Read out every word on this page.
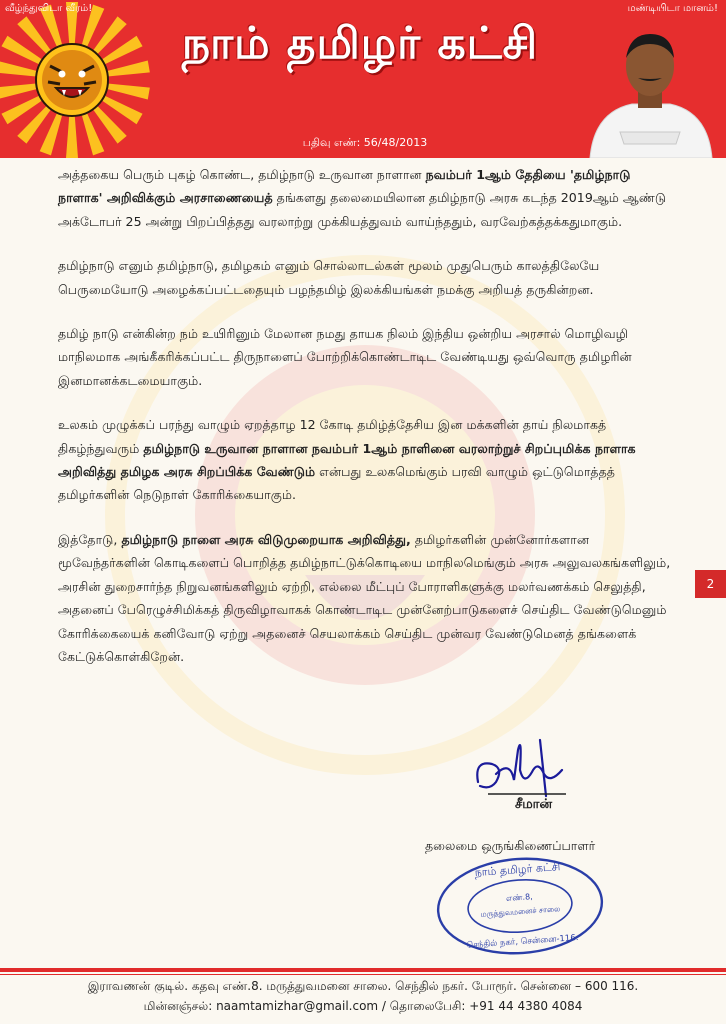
வீழ்ந்துவிடா வீரம்!	மண்டியிடா மானம்!
நாம் தமிழர் கட்சி
பதிவு எண்: 56/48/2013

அத்தகைய பெரும் புகழ் கொண்ட, தமிழ்நாடு உருவான நாளான நவம்பர் 1ஆம் தேதியை 'தமிழ்நாடு நாளாக' அறிவிக்கும் அரசாணையைத் தங்களது தலைமையிலான தமிழ்நாடு அரசு கடந்த 2019ஆம் ஆண்டு அக்டோபர் 25 அன்று பிறப்பித்தது வரலாற்று முக்கியத்துவம் வாய்ந்ததும், வரவேற்கத்தக்கதுமாகும்.

தமிழ்நாடு எனும் தமிழ்நாடு, தமிழகம் எனும் சொல்லாடல்கள் மூலம் முதுபெரும் காலத்திலேயே பெருமையோடு அழைக்கப்பட்டதையும் பழந்தமிழ் இலக்கியங்கள் நமக்கு அறியத் தருகின்றன.

தமிழ் நாடு என்கின்ற நம் உயிரினும் மேலான நமது தாயக நிலம் இந்திய ஒன்றிய அரசால் மொழிவழி மாநிலமாக அங்கீகரிக்கப்பட்ட திருநாளைப் போற்றிக்கொண்டாடிட வேண்டியது ஒவ்வொரு தமிழரின் இனமானக்கடமையாகும்.

உலகம் முழுக்கப் பரந்து வாழும் ஏறத்தாழ 12 கோடி தமிழ்த்தேசிய இன மக்களின் தாய் நிலமாகத் திகழ்ந்துவரும் தமிழ்நாடு உருவான நாளான நவம்பர் 1ஆம் நாளினை வரலாற்றுச் சிறப்புமிக்க நாளாக அறிவித்து தமிழக அரசு சிறப்பிக்க வேண்டும் என்பது உலகமெங்கும் பரவி வாழும் ஒட்டுமொத்தத் தமிழர்களின் நெடுநாள் கோரிக்கையாகும்.

இத்தோடு, தமிழ்நாடு நாளை அரசு விடுமுறையாக அறிவித்து, தமிழர்களின் முன்னோர்களான மூவேந்தர்களின் கொடிகளைப் பொறித்த தமிழ்நாட்டுக்கொடியை மாநிலமெங்கும் அரசு அலுவலகங்களிலும், அரசின் துறைசார்ந்த நிறுவனங்களிலும் ஏற்றி, எல்லை மீட்புப் போராளிகளுக்கு மலர்வணக்கம் செலுத்தி, அதனைப் பேரெழுச்சிமிக்கத் திருவிழாவாகக் கொண்டாடிட முன்னேற்பாடுகளைச் செய்திட வேண்டுமெனும் கோரிக்கையைக் கனிவோடு ஏற்று அதனைச் செயலாக்கம் செய்திட முன்வர வேண்டுமெனத் தங்களைக் கேட்டுக்கொள்கிறேன்.

2
சீமான்
தலைமை ஒருங்கிணைப்பாளர்
நாம் தமிழர் கட்சி
எண்.8,
மருத்துவமனைச் சாலை
செந்தில் நகர், சென்னை-116.
இராவணன் குடில். கதவு எண்.8. மருத்துவமனை சாலை. செந்தில் நகர். போரூர். சென்னை – 600 116.
மின்னஞ்சல்: naamtamizhar@gmail.com / தொலைபேசி: +91 44 4380 4084
